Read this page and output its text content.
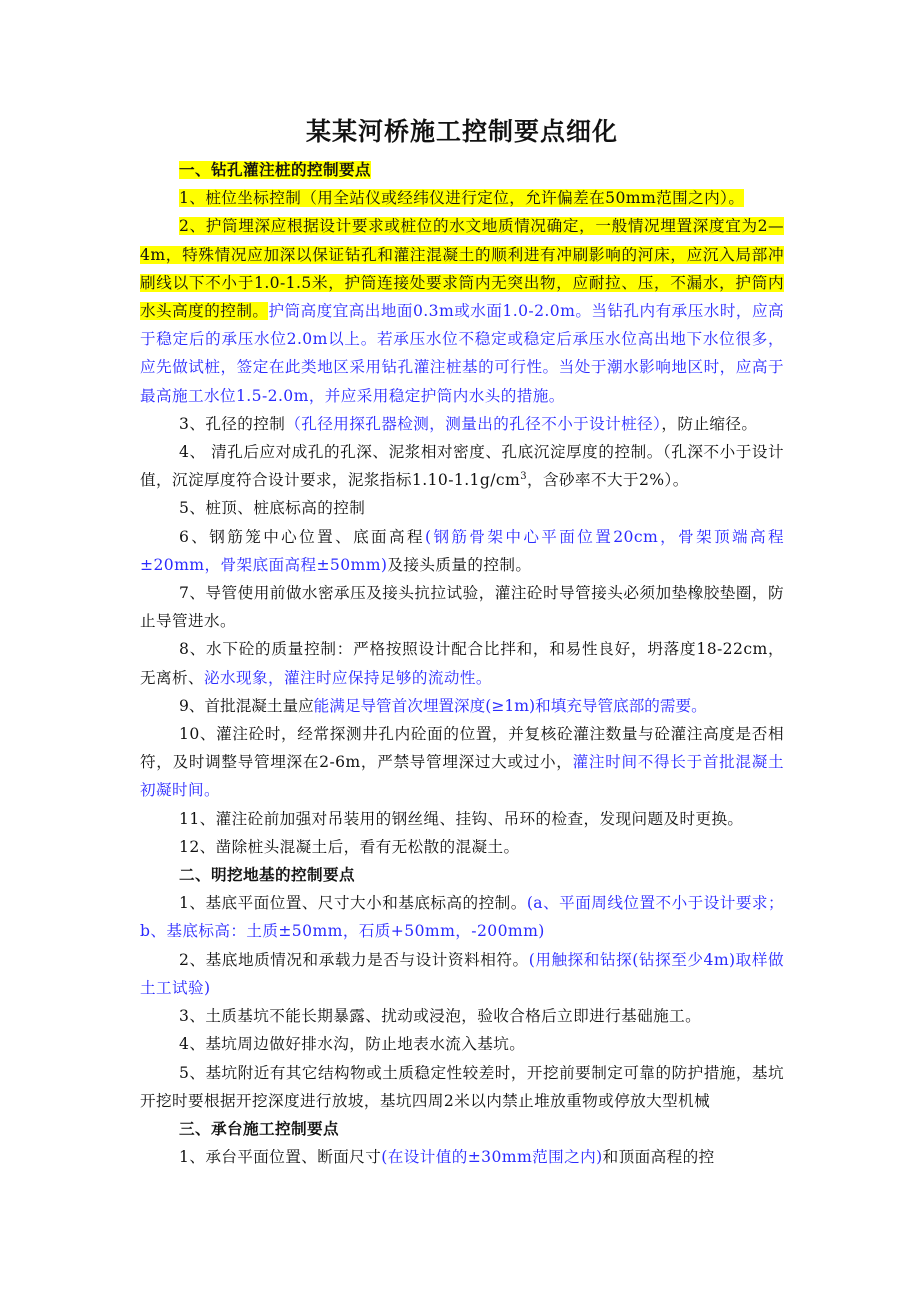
某某河桥施工控制要点细化

一、钻孔灌注桩的控制要点

1、桩位坐标控制（用全站仪或经纬仪进行定位，允许偏差在50mm范围之内）。

2、护筒埋深应根据设计要求或桩位的水文地质情况确定，一般情况埋置深度宜为2—4m，特殊情况应加深以保证钻孔和灌注混凝土的顺利进有冲刷影响的河床，应沉入局部冲刷线以下不小于1.0-1.5米，护筒连接处要求筒内无突出物，应耐拉、压，不漏水，护筒内水头高度的控制。护筒高度宜高出地面0.3m或水面1.0-2.0m。当钻孔内有承压水时，应高于稳定后的承压水位2.0m以上。若承压水位不稳定或稳定后承压水位高出地下水位很多，应先做试桩，签定在此类地区采用钻孔灌注桩基的可行性。当处于潮水影响地区时，应高于最高施工水位1.5-2.0m，并应采用稳定护筒内水头的措施。

3、孔径的控制（孔径用探孔器检测，测量出的孔径不小于设计桩径），防止缩径。

4、 清孔后应对成孔的孔深、泥浆相对密度、孔底沉淀厚度的控制。（孔深不小于设计值，沉淀厚度符合设计要求，泥浆指标$1.10-1.1g/cm^3$，含砂率不大于2%）。

5、桩顶、桩底标高的控制

6、钢筋笼中心位置、底面高程(钢筋骨架中心平面位置20cm，骨架顶端高程±20mm，骨架底面高程±50mm)及接头质量的控制。

7、导管使用前做水密承压及接头抗拉试验，灌注砼时导管接头必须加垫橡胶垫圈，防止导管进水。

8、水下砼的质量控制：严格按照设计配合比拌和，和易性良好，坍落度18-22cm，无离析、泌水现象，灌注时应保持足够的流动性。

9、首批混凝土量应能满足导管首次埋置深度(≥1m)和填充导管底部的需要。

10、灌注砼时，经常探测井孔内砼面的位置，并复核砼灌注数量与砼灌注高度是否相符，及时调整导管埋深在2-6m，严禁导管埋深过大或过小，灌注时间不得长于首批混凝土初凝时间。

11、灌注砼前加强对吊装用的钢丝绳、挂钩、吊环的检查，发现问题及时更换。

12、凿除桩头混凝土后，看有无松散的混凝土。

二、明挖地基的控制要点

1、基底平面位置、尺寸大小和基底标高的控制。(a、平面周线位置不小于设计要求；b、基底标高：土质±50mm，石质+50mm，-200mm)

2、基底地质情况和承载力是否与设计资料相符。(用触探和钻探(钻探至少4m)取样做土工试验)

3、土质基坑不能长期暴露、扰动或浸泡，验收合格后立即进行基础施工。

4、基坑周边做好排水沟，防止地表水流入基坑。

5、基坑附近有其它结构物或土质稳定性较差时，开挖前要制定可靠的防护措施，基坑开挖时要根据开挖深度进行放坡，基坑四周2米以内禁止堆放重物或停放大型机械

三、承台施工控制要点

1、承台平面位置、断面尺寸(在设计值的±30mm范围之内)和顶面高程的控
